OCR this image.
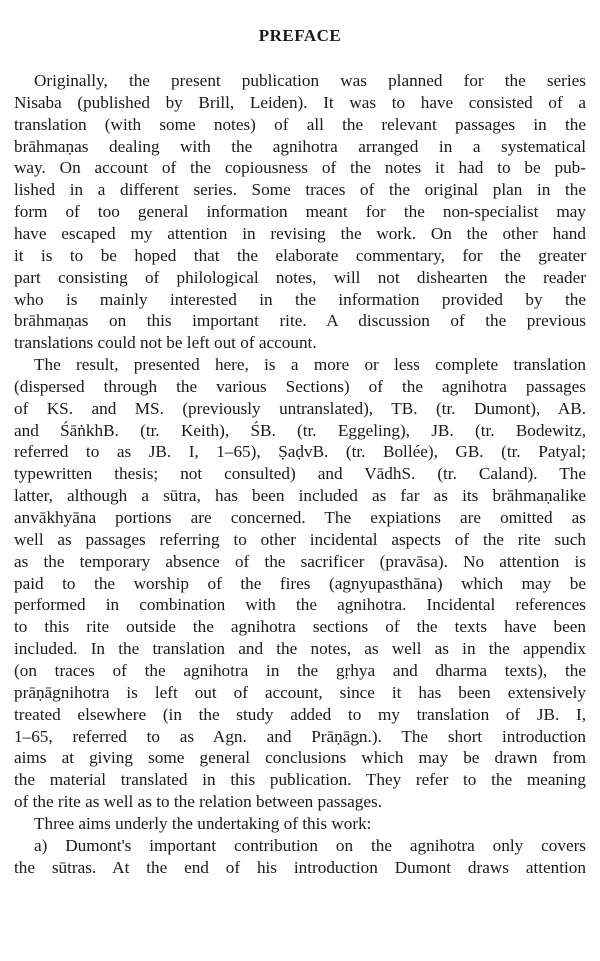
PREFACE
Originally, the present publication was planned for the series
Nisaba (published by Brill, Leiden). It was to have consisted of a
translation (with some notes) of all the relevant passages in the
brāhmaṇas dealing with the agnihotra arranged in a systematical
way. On account of the copiousness of the notes it had to be pub-
lished in a different series. Some traces of the original plan in the
form of too general information meant for the non-specialist may
have escaped my attention in revising the work. On the other hand
it is to be hoped that the elaborate commentary, for the greater
part consisting of philological notes, will not dishearten the reader
who is mainly interested in the information provided by the
brāhmaṇas on this important rite. A discussion of the previous
translations could not be left out of account.
The result, presented here, is a more or less complete translation
(dispersed through the various Sections) of the agnihotra passages
of KS. and MS. (previously untranslated), TB. (tr. Dumont), AB.
and ŚāṅkhB. (tr. Keith), ŚB. (tr. Eggeling), JB. (tr. Bodewitz,
referred to as JB. I, 1–65), ṢaḍvB. (tr. Bollée), GB. (tr. Patyal;
typewritten thesis; not consulted) and VādhS. (tr. Caland). The
latter, although a sūtra, has been included as far as its brāhmaṇalike
anvākhyāna portions are concerned. The expiations are omitted as
well as passages referring to other incidental aspects of the rite such
as the temporary absence of the sacrificer (pravāsa). No attention is
paid to the worship of the fires (agnyupasthāna) which may be
performed in combination with the agnihotra. Incidental references
to this rite outside the agnihotra sections of the texts have been
included. In the translation and the notes, as well as in the appendix
(on traces of the agnihotra in the gṛhya and dharma texts), the
prāṇāgnihotra is left out of account, since it has been extensively
treated elsewhere (in the study added to my translation of JB. I,
1–65, referred to as Agn. and Prāṇāgn.). The short introduction
aims at giving some general conclusions which may be drawn from
the material translated in this publication. They refer to the meaning
of the rite as well as to the relation between passages.
Three aims underly the undertaking of this work:
a) Dumont's important contribution on the agnihotra only covers
the sūtras. At the end of his introduction Dumont draws attention
